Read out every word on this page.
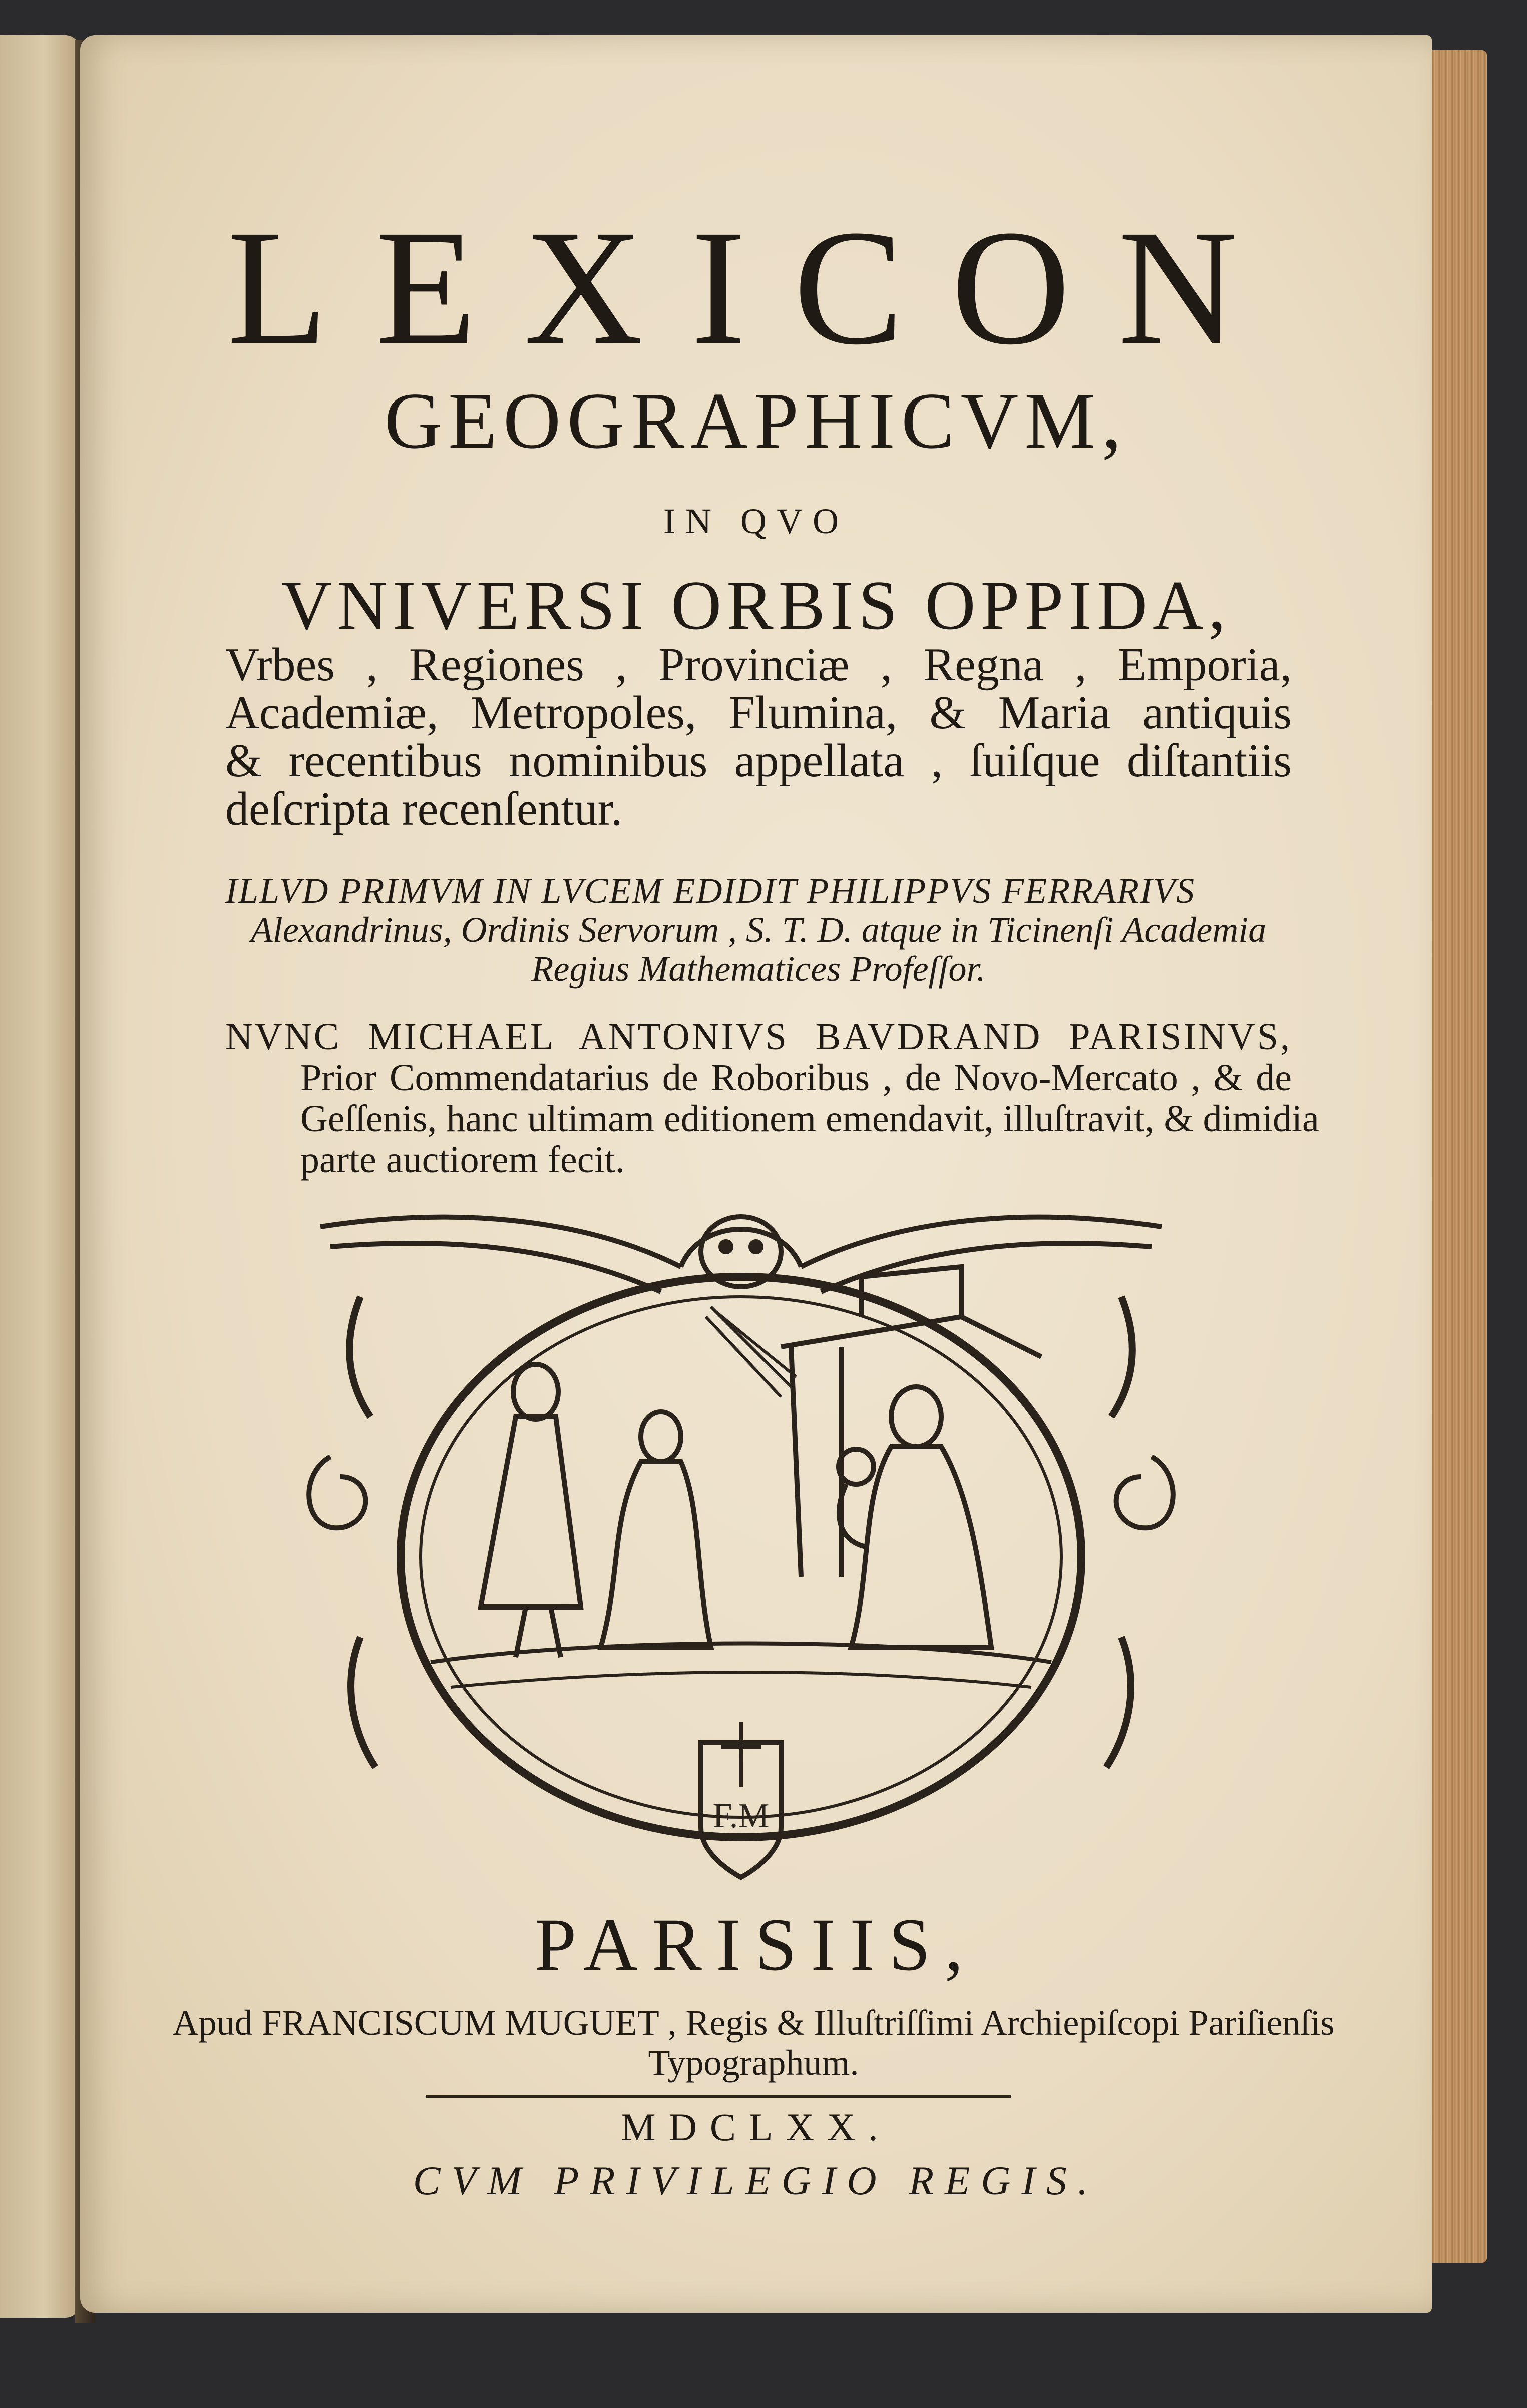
LEXICON
GEOGRAPHICVM,
IN QVO
VNIVERSI ORBIS OPPIDA,
Vrbes , Regiones , Provinciæ , Regna , Emporia,
Academiæ, Metropoles, Flumina, & Maria antiquis
& recentibus nominibus appellata , ſuiſque diſtantiis
deſcripta recenſentur.
ILLVD PRIMVM IN LVCEM EDIDIT PHILIPPVS FERRARIVS
Alexandrinus, Ordinis Servorum , S. T. D. atque in Ticinenſi Academia
Regius Mathematices Profeſſor.
NVNC MICHAEL ANTONIVS BAVDRAND PARISINVS,
Prior Commendatarius de Roboribus , de Novo-Mercato , & de
Geſſenis, hanc ultimam editionem emendavit, illuſtravit, & dimidia
parte auctiorem fecit.
F.M
PARISIIS,
Apud FRANCISCUM MUGUET , Regis & Illuſtriſſimi Archiepiſcopi Pariſienſis
Typographum.
MDCLXX.
CVM PRIVILEGIO REGIS.
